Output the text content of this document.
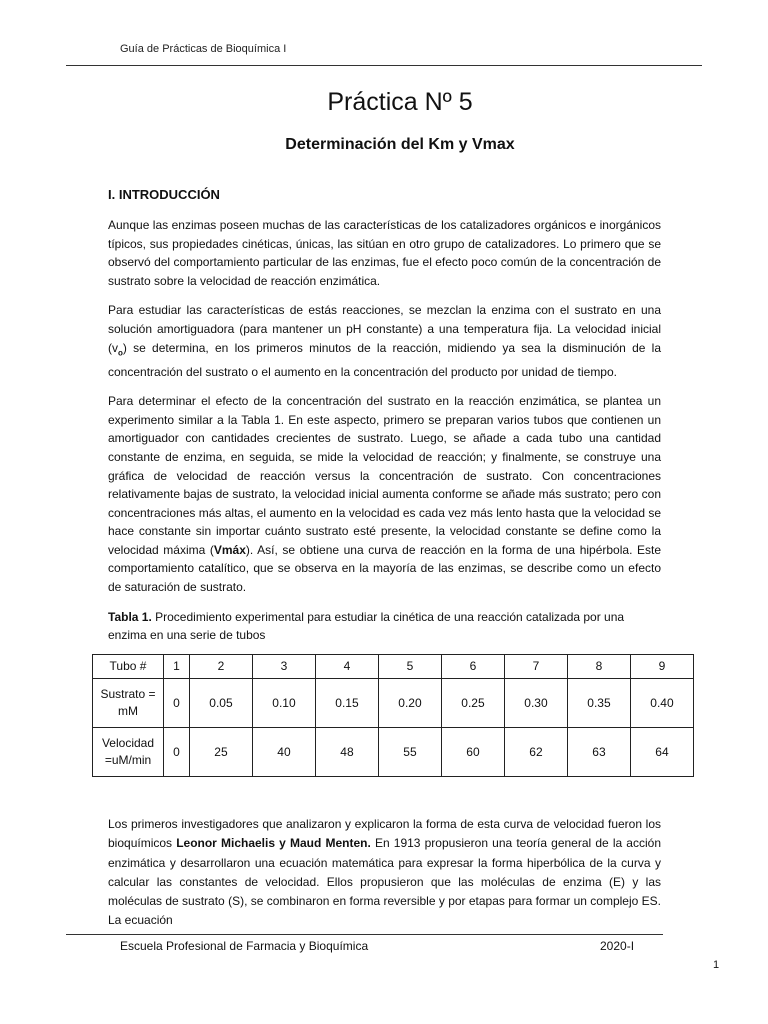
Guía de Prácticas de Bioquímica I
Práctica Nº 5
Determinación del Km y Vmax
I. INTRODUCCIÓN

Aunque las enzimas poseen muchas de las características de los catalizadores orgánicos e inorgánicos típicos, sus propiedades cinéticas, únicas, las sitúan en otro grupo de catalizadores. Lo primero que se observó del comportamiento particular de las enzimas, fue el efecto poco común de la concentración de sustrato sobre la velocidad de reacción enzimática.

Para estudiar las características de estás reacciones, se mezclan la enzima con el sustrato en una solución amortiguadora (para mantener un pH constante) a una temperatura fija. La velocidad inicial $(v_o)$ se determina, en los primeros minutos de la reacción, midiendo ya sea la disminución de la concentración del sustrato o el aumento en la concentración del producto por unidad de tiempo.

Para determinar el efecto de la concentración del sustrato en la reacción enzimática, se plantea un experimento similar a la Tabla 1. En este aspecto, primero se preparan varios tubos que contienen un amortiguador con cantidades crecientes de sustrato. Luego, se añade a cada tubo una cantidad constante de enzima, en seguida, se mide la velocidad de reacción; y finalmente, se construye una gráfica de velocidad de reacción versus la concentración de sustrato. Con concentraciones relativamente bajas de sustrato, la velocidad inicial aumenta conforme se añade más sustrato; pero con concentraciones más altas, el aumento en la velocidad es cada vez más lento hasta que la velocidad se hace constante sin importar cuánto sustrato esté presente, la velocidad constante se define como la velocidad máxima (Vmáx). Así, se obtiene una curva de reacción en la forma de una hipérbola. Este comportamiento catalítico, que se observa en la mayoría de las enzimas, se describe como un efecto de saturación de sustrato.

Tabla 1. Procedimiento experimental para estudiar la cinética de una reacción catalizada por una enzima en una serie de tubos

Tubo #	1	2	3	4	5	6	7	8	9
Sustrato = mM	0	0.05	0.10	0.15	0.20	0.25	0.30	0.35	0.40
Velocidad =uM/min	0	25	40	48	55	60	62	63	64
Los primeros investigadores que analizaron y explicaron la forma de esta curva de velocidad fueron los bioquímicos Leonor Michaelis y Maud Menten. En 1913 propusieron una teoría general de la acción enzimática y desarrollaron una ecuación matemática para expresar la forma hiperbólica de la curva y calcular las constantes de velocidad. Ellos propusieron que las moléculas de enzima (E) y las moléculas de sustrato (S), se combinaron en forma reversible y por etapas para formar un complejo ES. La ecuación
Escuela Profesional de Farmacia y Bioquímica	2020-I
1
